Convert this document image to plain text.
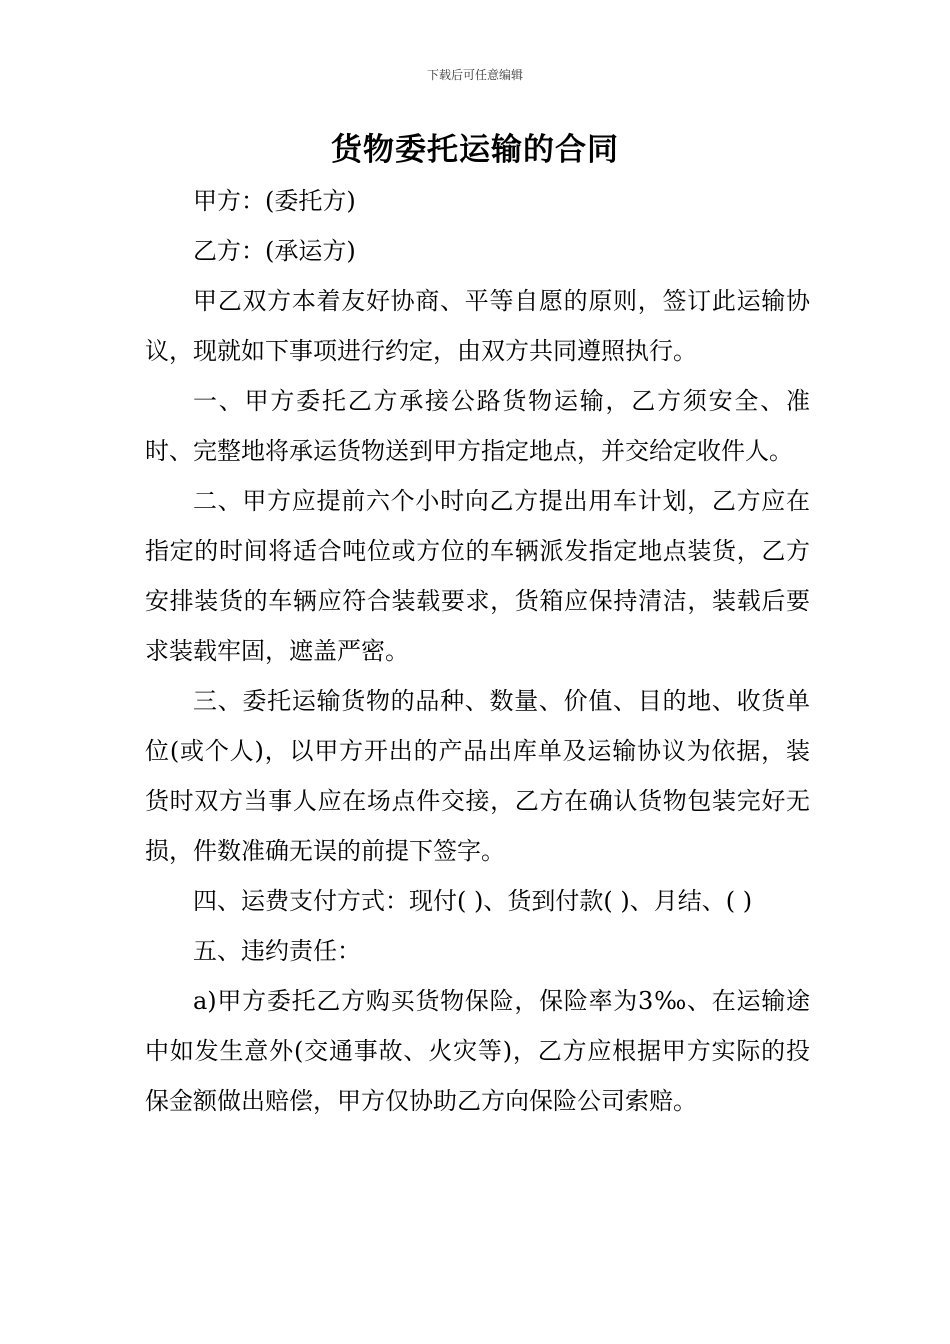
下载后可任意编辑
货物委托运输的合同

甲方：(委托方)

乙方：(承运方)

甲乙双方本着友好协商、平等自愿的原则，签订此运输协议，现就如下事项进行约定，由双方共同遵照执行。

一、甲方委托乙方承接公路货物运输，乙方须安全、准时、完整地将承运货物送到甲方指定地点，并交给定收件人。

二、甲方应提前六个小时向乙方提出用车计划，乙方应在指定的时间将适合吨位或方位的车辆派发指定地点装货，乙方安排装货的车辆应符合装载要求，货箱应保持清洁，装载后要求装载牢固，遮盖严密。

三、委托运输货物的品种、数量、价值、目的地、收货单位(或个人)，以甲方开出的产品出库单及运输协议为依据，装货时双方当事人应在场点件交接，乙方在确认货物包装完好无损，件数准确无误的前提下签字。

四、运费支付方式：现付( )、货到付款( )、月结、( )

五、违约责任：

a)甲方委托乙方购买货物保险，保险率为3‰、在运输途中如发生意外(交通事故、火灾等)，乙方应根据甲方实际的投保金额做出赔偿，甲方仅协助乙方向保险公司索赔。
